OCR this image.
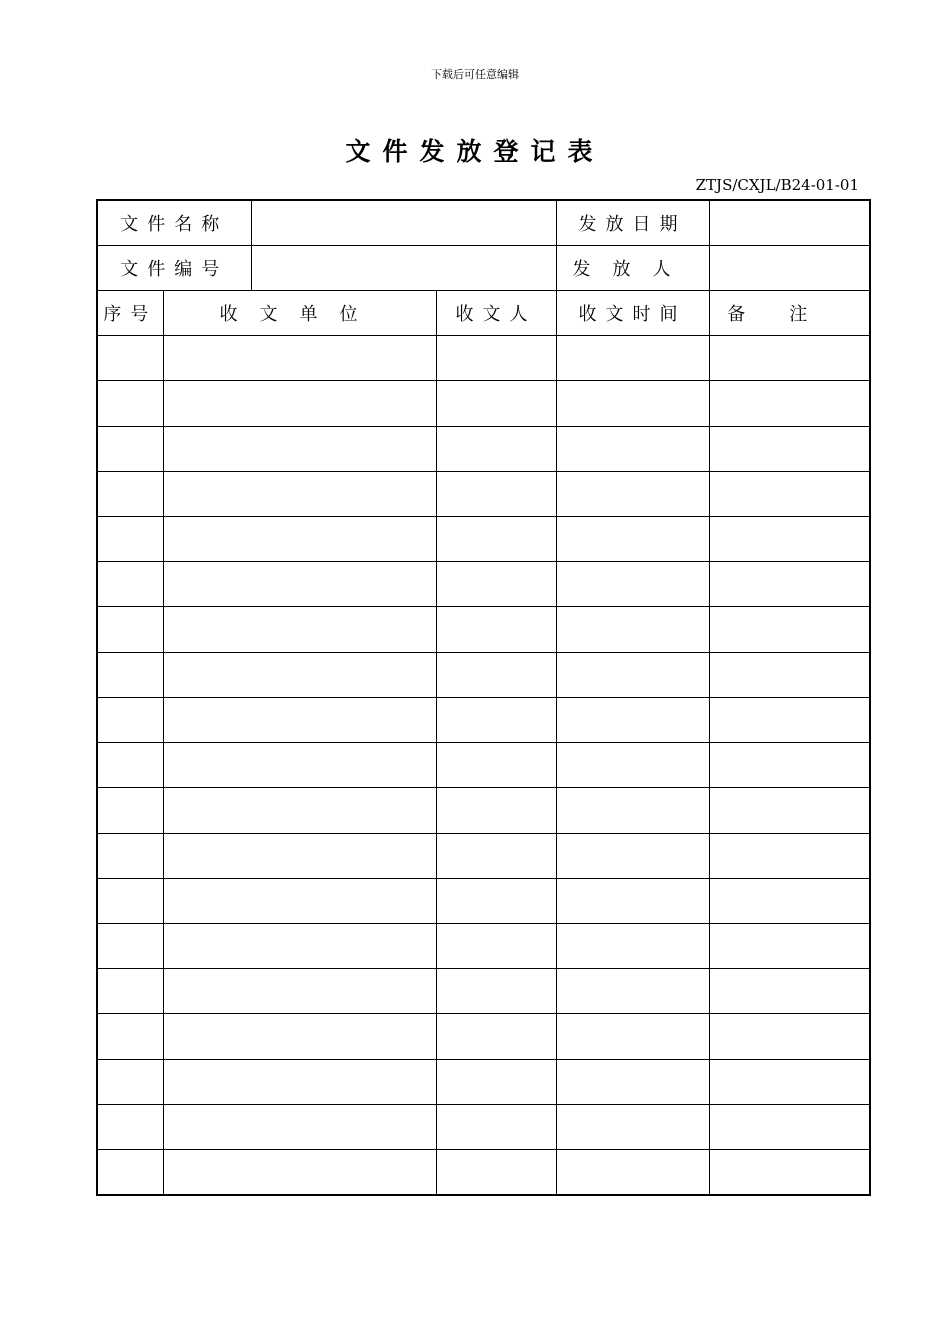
下载后可任意编辑
文件发放登记表
ZTJS/CXJL/B24-01-01
文件名称				发放日期	
文件编号				发放人	
序号	收文单位		收文人	收文时间	备注
